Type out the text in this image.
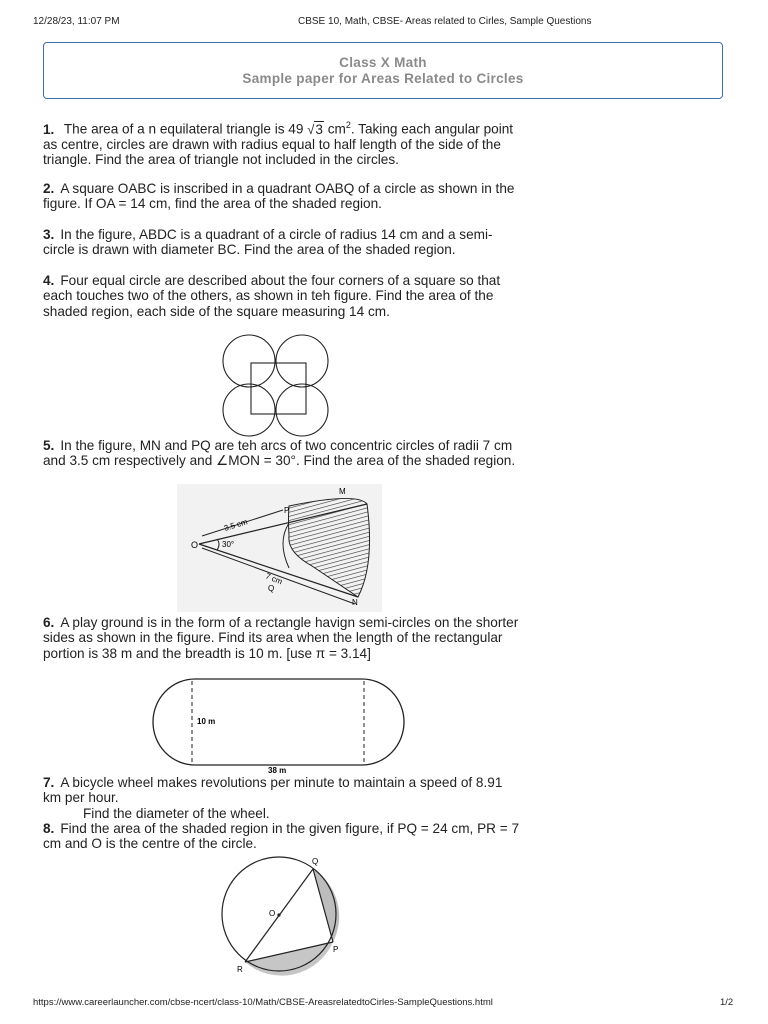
12/28/23, 11:07 PM	CBSE 10, Math, CBSE- Areas related to Cirles, Sample Questions
Class X Math
Sample paper for Areas Related to Circles
1. The area of a n equilateral triangle is 49 √3 $cm^2$. Taking each angular point as centre, circles are drawn with radius equal to half length of the side of the triangle. Find the area of triangle not included in the circles.
2. A square OABC is inscribed in a quadrant OABQ of a circle as shown in the figure. If OA = 14 cm, find the area of the shaded region.
3. In the figure, ABDC is a quadrant of a circle of radius 14 cm and a semi-circle is drawn with diameter BC. Find the area of the shaded region.
4. Four equal circle are described about the four corners of a square so that each touches two of the others, as shown in teh figure. Find the area of the shaded region, each side of the square measuring 14 cm.
5. In the figure, MN and PQ are teh arcs of two concentric circles of radii 7 cm and 3.5 cm respectively and ∠MON = 30°. Find the area of the shaded region.
O	30°
3.5 cm
7 cm
P
Q
M
N
6. A play ground is in the form of a rectangle havign semi-circles on the shorter sides as shown in the figure. Find its area when the length of the rectangular portion is 38 m and the breadth is 10 m. [use π = 3.14]
10 m
38 m
7. A bicycle wheel makes revolutions per minute to maintain a speed of 8.91 km per hour.
Find the diameter of the wheel.
8. Find the area of the shaded region in the given figure, if PQ = 24 cm, PR = 7 cm and O is the centre of the circle.
Q
O
P
R
https://www.careerlauncher.com/cbse-ncert/class-10/Math/CBSE-AreasrelatedtoCirles-SampleQuestions.html	1/2
